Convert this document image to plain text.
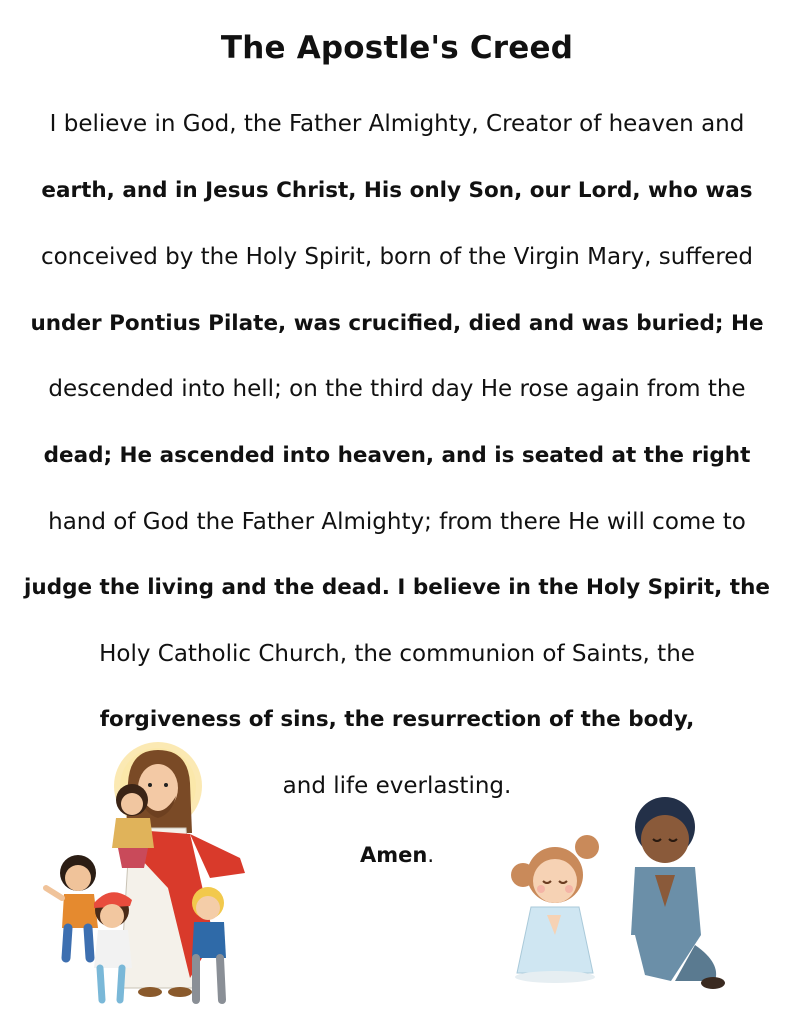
The Apostle's Creed

I believe in God, the Father Almighty, Creator of heaven and

earth, and in Jesus Christ, His only Son, our Lord, who was

conceived by the Holy Spirit, born of the Virgin Mary, suffered

under Pontius Pilate, was crucified, died and was buried; He

descended into hell; on the third day He rose again from the

dead; He ascended into heaven, and is seated at the right

hand of God the Father Almighty; from there He will come to

judge the living and the dead. I believe in the Holy Spirit, the

Holy Catholic Church, the communion of Saints, the

forgiveness of sins, the resurrection of the body,

and life everlasting.

Amen.
